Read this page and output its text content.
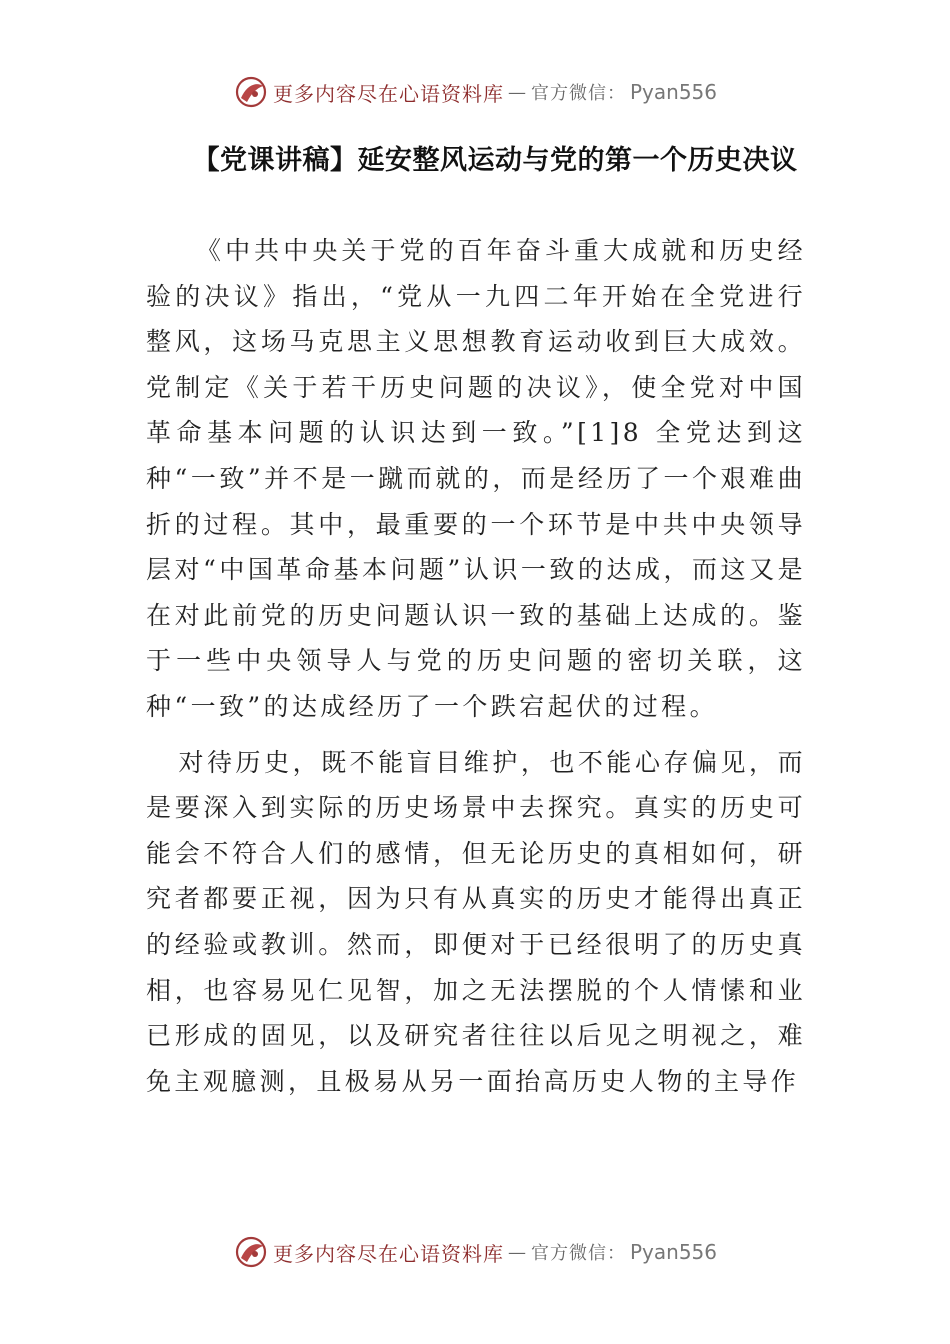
更多内容尽在心语资料库 — 官方微信： Pyan556
【党课讲稿】延安整风运动与党的第一个历史决议

《中共中央关于党的百年奋斗重大成就和历史经验的决议》指出，“党从一九四二年开始在全党进行整风，这场马克思主义思想教育运动收到巨大成效。党制定《关于若干历史问题的决议》，使全党对中国革命基本问题的认识达到一致。”[1]8 全党达到这种“一致”并不是一蹴而就的，而是经历了一个艰难曲折的过程。其中，最重要的一个环节是中共中央领导层对“中国革命基本问题”认识一致的达成，而这又是在对此前党的历史问题认识一致的基础上达成的。鉴于一些中央领导人与党的历史问题的密切关联，这种“一致”的达成经历了一个跌宕起伏的过程。

对待历史，既不能盲目维护，也不能心存偏见，而是要深入到实际的历史场景中去探究。真实的历史可能会不符合人们的感情，但无论历史的真相如何，研究者都要正视，因为只有从真实的历史才能得出真正的经验或教训。然而，即便对于已经很明了的历史真相，也容易见仁见智，加之无法摆脱的个人情愫和业已形成的固见，以及研究者往往以后见之明视之，难免主观臆测，且极易从另一面抬高历史人物的主导作

更多内容尽在心语资料库 — 官方微信： Pyan556
